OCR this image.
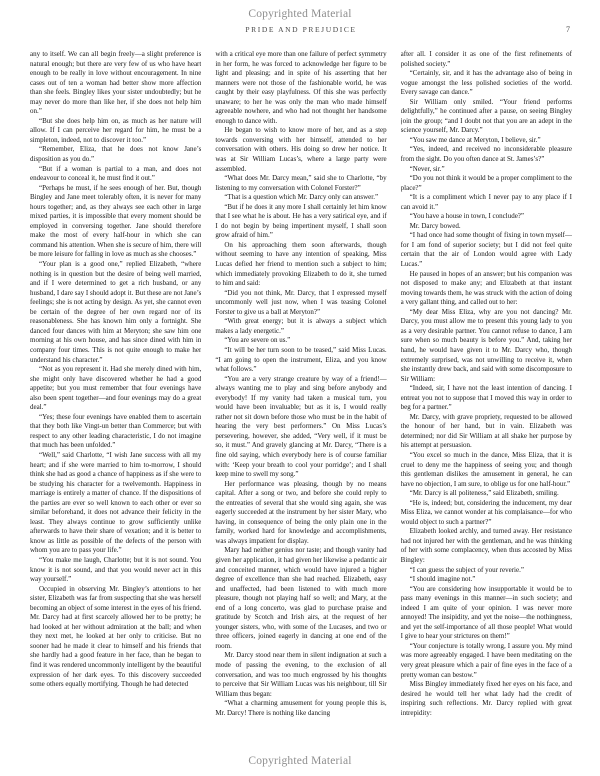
Copyrighted Material
PRIDE AND PREJUDICE	7

any to itself. We can all begin freely—a slight preference is natural enough; but there are very few of us who have heart enough to be really in love without encouragement. In nine cases out of ten a woman had better show more affection than she feels. Bingley likes your sister undoubtedly; but he may never do more than like her, if she does not help him on.”

“But she does help him on, as much as her nature will allow. If I can perceive her regard for him, he must be a simpleton, indeed, not to discover it too.”

“Remember, Eliza, that he does not know Jane’s disposition as you do.”

“But if a woman is partial to a man, and does not endeavour to conceal it, he must find it out.”

“Perhaps he must, if he sees enough of her. But, though Bingley and Jane meet tolerably often, it is never for many hours together; and, as they always see each other in large mixed parties, it is impossible that every moment should be employed in conversing together. Jane should therefore make the most of every half-hour in which she can command his attention. When she is secure of him, there will be more leisure for falling in love as much as she chooses.”

“Your plan is a good one,” replied Elizabeth, “where nothing is in question but the desire of being well married, and if I were determined to get a rich husband, or any husband, I dare say I should adopt it. But these are not Jane’s feelings; she is not acting by design. As yet, she cannot even be certain of the degree of her own regard nor of its reasonableness. She has known him only a fortnight. She danced four dances with him at Meryton; she saw him one morning at his own house, and has since dined with him in company four times. This is not quite enough to make her understand his character.”

“Not as you represent it. Had she merely dined with him, she might only have discovered whether he had a good appetite; but you must remember that four evenings have also been spent together—and four evenings may do a great deal.”

“Yes; these four evenings have enabled them to ascertain that they both like Vingt-un better than Commerce; but with respect to any other leading characteristic, I do not imagine that much has been unfolded.”

“Well,” said Charlotte, “I wish Jane success with all my heart; and if she were married to him to-morrow, I should think she had as good a chance of happiness as if she were to be studying his character for a twelvemonth. Happiness in marriage is entirely a matter of chance. If the dispositions of the parties are ever so well known to each other or ever so similar beforehand, it does not advance their felicity in the least. They always continue to grow sufficiently unlike afterwards to have their share of vexation; and it is better to know as little as possible of the defects of the person with whom you are to pass your life.”

“You make me laugh, Charlotte; but it is not sound. You know it is not sound, and that you would never act in this way yourself.”

Occupied in observing Mr. Bingley’s attentions to her sister, Elizabeth was far from suspecting that she was herself becoming an object of some interest in the eyes of his friend. Mr. Darcy had at first scarcely allowed her to be pretty; he had looked at her without admiration at the ball; and when they next met, he looked at her only to criticise. But no sooner had he made it clear to himself and his friends that she hardly had a good feature in her face, than he began to find it was rendered uncommonly intelligent by the beautiful expression of her dark eyes. To this discovery succeeded some others equally mortifying. Though he had detected

with a critical eye more than one failure of perfect symmetry in her form, he was forced to acknowledge her figure to be light and pleasing; and in spite of his asserting that her manners were not those of the fashionable world, he was caught by their easy playfulness. Of this she was perfectly unaware; to her he was only the man who made himself agreeable nowhere, and who had not thought her handsome enough to dance with.

He began to wish to know more of her, and as a step towards conversing with her himself, attended to her conversation with others. His doing so drew her notice. It was at Sir William Lucas’s, where a large party were assembled.

“What does Mr. Darcy mean,” said she to Charlotte, “by listening to my conversation with Colonel Forster?”

“That is a question which Mr. Darcy only can answer.”

“But if he does it any more I shall certainly let him know that I see what he is about. He has a very satirical eye, and if I do not begin by being impertinent myself, I shall soon grow afraid of him.”

On his approaching them soon afterwards, though without seeming to have any intention of speaking, Miss Lucas defied her friend to mention such a subject to him; which immediately provoking Elizabeth to do it, she turned to him and said:

“Did you not think, Mr. Darcy, that I expressed myself uncommonly well just now, when I was teasing Colonel Forster to give us a ball at Meryton?”

“With great energy; but it is always a subject which makes a lady energetic.”

“You are severe on us.”

“It will be her turn soon to be teased,” said Miss Lucas. “I am going to open the instrument, Eliza, and you know what follows.”

“You are a very strange creature by way of a friend!—always wanting me to play and sing before anybody and everybody! If my vanity had taken a musical turn, you would have been invaluable; but as it is, I would really rather not sit down before those who must be in the habit of hearing the very best performers.” On Miss Lucas’s persevering, however, she added, “Very well, if it must be so, it must.” And gravely glancing at Mr. Darcy, “There is a fine old saying, which everybody here is of course familiar with: ‘Keep your breath to cool your porridge’; and I shall keep mine to swell my song.”

Her performance was pleasing, though by no means capital. After a song or two, and before she could reply to the entreaties of several that she would sing again, she was eagerly succeeded at the instrument by her sister Mary, who having, in consequence of being the only plain one in the family, worked hard for knowledge and accomplishments, was always impatient for display.

Mary had neither genius nor taste; and though vanity had given her application, it had given her likewise a pedantic air and conceited manner, which would have injured a higher degree of excellence than she had reached. Elizabeth, easy and unaffected, had been listened to with much more pleasure, though not playing half so well; and Mary, at the end of a long concerto, was glad to purchase praise and gratitude by Scotch and Irish airs, at the request of her younger sisters, who, with some of the Lucases, and two or three officers, joined eagerly in dancing at one end of the room.

Mr. Darcy stood near them in silent indignation at such a mode of passing the evening, to the exclusion of all conversation, and was too much engrossed by his thoughts to perceive that Sir William Lucas was his neighbour, till Sir William thus began:

“What a charming amusement for young people this is, Mr. Darcy! There is nothing like dancing

after all. I consider it as one of the first refinements of polished society.”

“Certainly, sir, and it has the advantage also of being in vogue amongst the less polished societies of the world. Every savage can dance.”

Sir William only smiled. “Your friend performs delightfully,” he continued after a pause, on seeing Bingley join the group; “and I doubt not that you are an adept in the science yourself, Mr. Darcy.”

“You saw me dance at Meryton, I believe, sir.”

“Yes, indeed, and received no inconsiderable pleasure from the sight. Do you often dance at St. James’s?”

“Never, sir.”

“Do you not think it would be a proper compliment to the place?”

“It is a compliment which I never pay to any place if I can avoid it.”

“You have a house in town, I conclude?”

Mr. Darcy bowed.

“I had once had some thought of fixing in town myself—for I am fond of superior society; but I did not feel quite certain that the air of London would agree with Lady Lucas.”

He paused in hopes of an answer; but his companion was not disposed to make any; and Elizabeth at that instant moving towards them, he was struck with the action of doing a very gallant thing, and called out to her:

“My dear Miss Eliza, why are you not dancing? Mr. Darcy, you must allow me to present this young lady to you as a very desirable partner. You cannot refuse to dance, I am sure when so much beauty is before you.” And, taking her hand, he would have given it to Mr. Darcy who, though extremely surprised, was not unwilling to receive it, when she instantly drew back, and said with some discomposure to Sir William:

“Indeed, sir, I have not the least intention of dancing. I entreat you not to suppose that I moved this way in order to beg for a partner.”

Mr. Darcy, with grave propriety, requested to be allowed the honour of her hand, but in vain. Elizabeth was determined; nor did Sir William at all shake her purpose by his attempt at persuasion.

“You excel so much in the dance, Miss Eliza, that it is cruel to deny me the happiness of seeing you; and though this gentleman dislikes the amusement in general, he can have no objection, I am sure, to oblige us for one half-hour.”

“Mr. Darcy is all politeness,” said Elizabeth, smiling.

“He is, indeed; but, considering the inducement, my dear Miss Eliza, we cannot wonder at his complaisance—for who would object to such a partner?”

Elizabeth looked archly, and turned away. Her resistance had not injured her with the gentleman, and he was thinking of her with some complacency, when thus accosted by Miss Bingley:

“I can guess the subject of your reverie.”

“I should imagine not.”

“You are considering how insupportable it would be to pass many evenings in this manner—in such society; and indeed I am quite of your opinion. I was never more annoyed! The insipidity, and yet the noise—the nothingness, and yet the self-importance of all those people! What would I give to hear your strictures on them!”

“Your conjecture is totally wrong, I assure you. My mind was more agreeably engaged. I have been meditating on the very great pleasure which a pair of fine eyes in the face of a pretty woman can bestow.”

Miss Bingley immediately fixed her eyes on his face, and desired he would tell her what lady had the credit of inspiring such reflections. Mr. Darcy replied with great intrepidity:

Copyrighted Material
